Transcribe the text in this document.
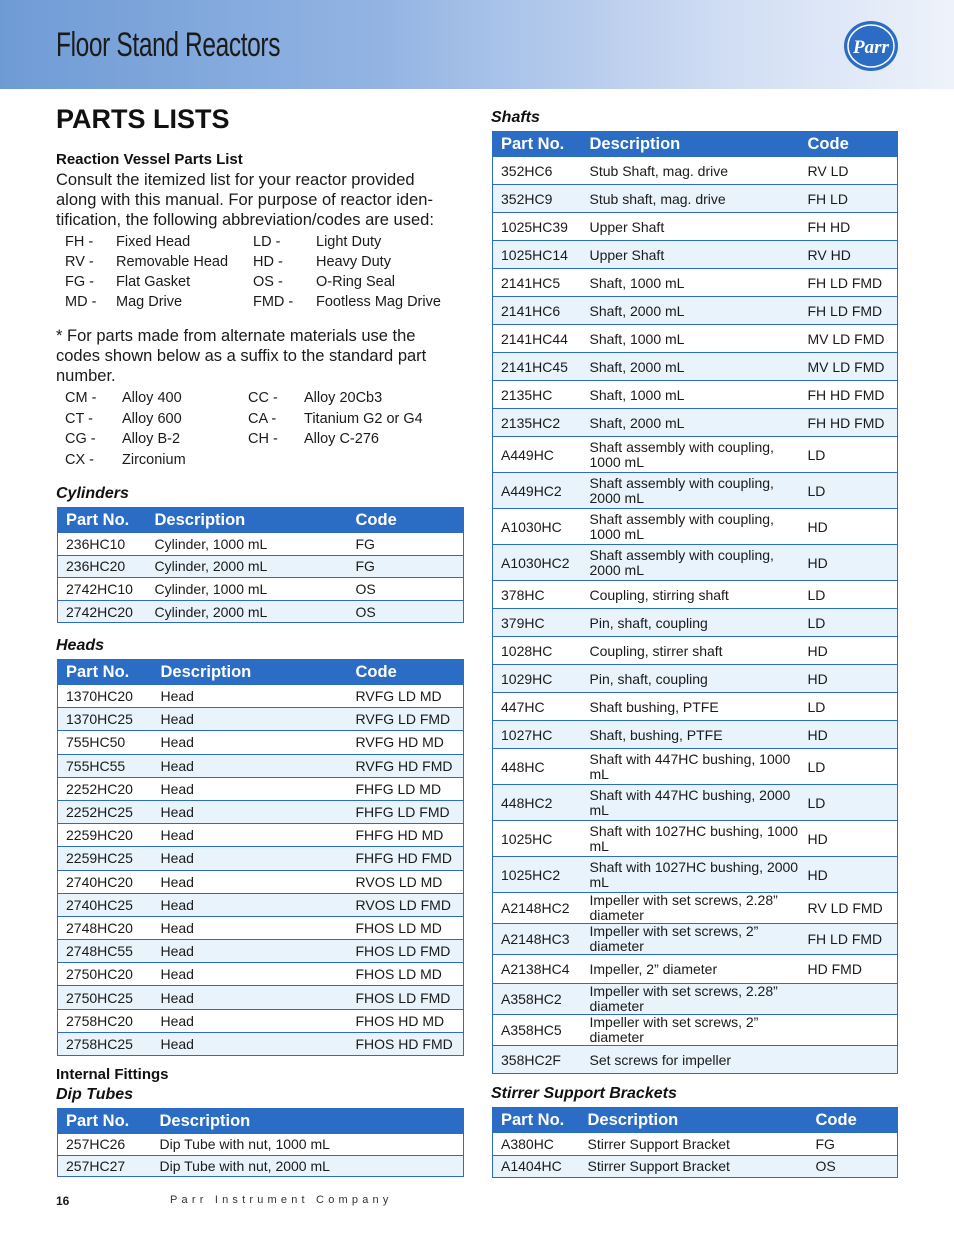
Floor Stand Reactors	Parr
PARTS LISTS
Reaction Vessel Parts List
Consult the itemized list for your reactor provided
along with this manual. For purpose of reactor iden-
tification, the following abbreviation/codes are used:
FH - Fixed Head	LD - Light Duty
RV - Removable Head HD - Heavy Duty
FG - Flat Gasket	OS - O-Ring Seal
MD - Mag Drive	FMD - Footless Mag Drive
* For parts made from alternate materials use the
codes shown below as a suffix to the standard part
number.
CM - Alloy 400	CC - Alloy 20Cb3
CT - Alloy 600	CA - Titanium G2 or G4
CG - Alloy B-2	CH - Alloy C-276
CX - Zirconium
Cylinders
Part No.	Description	Code
236HC10	Cylinder, 1000 mL	FG
236HC20	Cylinder, 2000 mL	FG
2742HC10	Cylinder, 1000 mL	OS
2742HC20	Cylinder, 2000 mL	OS
Heads
Part No.	Description	Code
1370HC20	Head	RVFG LD MD
1370HC25	Head	RVFG LD FMD
755HC50	Head	RVFG HD MD
755HC55	Head	RVFG HD FMD
2252HC20	Head	FHFG LD MD
2252HC25	Head	FHFG LD FMD
2259HC20	Head	FHFG HD MD
2259HC25	Head	FHFG HD FMD
2740HC20	Head	RVOS LD MD
2740HC25	Head	RVOS LD FMD
2748HC20	Head	FHOS LD MD
2748HC55	Head	FHOS LD FMD
2750HC20	Head	FHOS LD MD
2750HC25	Head	FHOS LD FMD
2758HC20	Head	FHOS HD MD
2758HC25	Head	FHOS HD FMD
Internal Fittings
Dip Tubes
Part No.	Description
257HC26	Dip Tube with nut, 1000 mL
257HC27	Dip Tube with nut, 2000 mL
Shafts
Part No.	Description	Code
352HC6	Stub Shaft, mag. drive	RV LD
352HC9	Stub shaft, mag. drive	FH LD
1025HC39	Upper Shaft	FH HD
1025HC14	Upper Shaft	RV HD
2141HC5	Shaft, 1000 mL	FH LD FMD
2141HC6	Shaft, 2000 mL	FH LD FMD
2141HC44	Shaft, 1000 mL	MV LD FMD
2141HC45	Shaft, 2000 mL	MV LD FMD
2135HC	Shaft, 1000 mL	FH HD FMD
2135HC2	Shaft, 2000 mL	FH HD FMD
A449HC	Shaft assembly with coupling, 1000 mL	LD
A449HC2	Shaft assembly with coupling, 2000 mL	LD
A1030HC	Shaft assembly with coupling, 1000 mL	HD
A1030HC2	Shaft assembly with coupling, 2000 mL	HD
378HC	Coupling, stirring shaft	LD
379HC	Pin, shaft, coupling	LD
1028HC	Coupling, stirrer shaft	HD
1029HC	Pin, shaft, coupling	HD
447HC	Shaft bushing, PTFE	LD
1027HC	Shaft, bushing, PTFE	HD
448HC	Shaft with 447HC bushing, 1000 mL	LD
448HC2	Shaft with 447HC bushing, 2000 mL	LD
1025HC	Shaft with 1027HC bushing, 1000 mL	HD
1025HC2	Shaft with 1027HC bushing, 2000 mL	HD
A2148HC2	Impeller with set screws, 2.28” diameter	RV LD FMD
A2148HC3	Impeller with set screws, 2” diameter	FH LD FMD
A2138HC4	Impeller, 2” diameter	HD FMD
A358HC2	Impeller with set screws, 2.28” diameter	
A358HC5	Impeller with set screws, 2” diameter	
358HC2F	Set screws for impeller	
Stirrer Support Brackets
Part No.	Description	Code
A380HC	Stirrer Support Bracket	FG
A1404HC	Stirrer Support Bracket	OS
16	Parr Instrument Company
